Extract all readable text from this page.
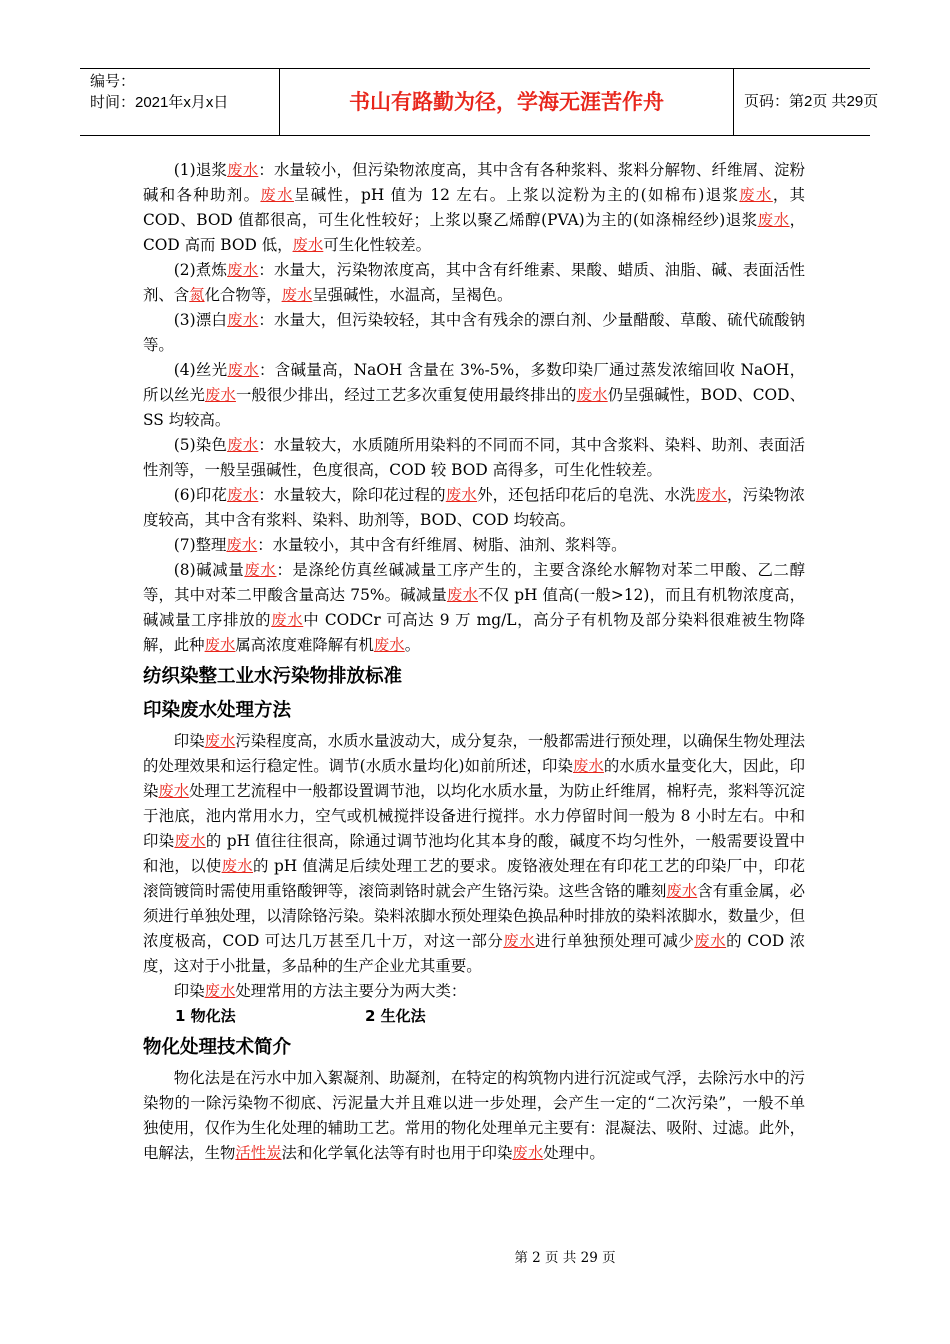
编号：
时间：2021年x月x日	书山有路勤为径，学海无涯苦作舟	页码：第2页 共29页

(1)退浆废水：水量较小，但污染物浓度高，其中含有各种浆料、浆料分解物、纤维屑、淀粉碱和各种助剂。废水呈碱性，pH 值为 12 左右。上浆以淀粉为主的(如棉布)退浆废水，其 COD、BOD 值都很高，可生化性较好；上浆以聚乙烯醇(PVA)为主的(如涤棉经纱)退浆废水，COD 高而 BOD 低，废水可生化性较差。

(2)煮炼废水：水量大，污染物浓度高，其中含有纤维素、果酸、蜡质、油脂、碱、表面活性剂、含氮化合物等，废水呈强碱性，水温高，呈褐色。

(3)漂白废水：水量大，但污染较轻，其中含有残余的漂白剂、少量醋酸、草酸、硫代硫酸钠等。

(4)丝光废水：含碱量高，NaOH 含量在 3%-5%，多数印染厂通过蒸发浓缩回收 NaOH，所以丝光废水一般很少排出，经过工艺多次重复使用最终排出的废水仍呈强碱性，BOD、COD、SS 均较高。

(5)染色废水：水量较大，水质随所用染料的不同而不同，其中含浆料、染料、助剂、表面活性剂等，一般呈强碱性，色度很高，COD 较 BOD 高得多，可生化性较差。

(6)印花废水：水量较大，除印花过程的废水外，还包括印花后的皂洗、水洗废水，污染物浓度较高，其中含有浆料、染料、助剂等，BOD、COD 均较高。

(7)整理废水：水量较小，其中含有纤维屑、树脂、油剂、浆料等。

(8)碱减量废水：是涤纶仿真丝碱减量工序产生的，主要含涤纶水解物对苯二甲酸、乙二醇等，其中对苯二甲酸含量高达 75%。碱减量废水不仅 pH 值高(一般>12)，而且有机物浓度高，碱减量工序排放的废水中 CODCr 可高达 9 万 mg/L，高分子有机物及部分染料很难被生物降解，此种废水属高浓度难降解有机废水。

纺织染整工业水污染物排放标准
印染废水处理方法

印染废水污染程度高，水质水量波动大，成分复杂，一般都需进行预处理，以确保生物处理法的处理效果和运行稳定性。调节(水质水量均化)如前所述，印染废水的水质水量变化大，因此，印染废水处理工艺流程中一般都设置调节池，以均化水质水量，为防止纤维屑，棉籽壳，浆料等沉淀于池底，池内常用水力，空气或机械搅拌设备进行搅拌。水力停留时间一般为 8 小时左右。中和印染废水的 pH 值往往很高，除通过调节池均化其本身的酸，碱度不均匀性外，一般需要设置中和池，以使废水的 pH 值满足后续处理工艺的要求。废铬液处理在有印花工艺的印染厂中，印花滚筒镀筒时需使用重铬酸钾等，滚筒剥铬时就会产生铬污染。这些含铬的雕刻废水含有重金属，必须进行单独处理，以清除铬污染。染料浓脚水预处理染色换品种时排放的染料浓脚水，数量少，但浓度极高，COD 可达几万甚至几十万，对这一部分废水进行单独预处理可减少废水的 COD 浓度，这对于小批量，多品种的生产企业尤其重要。

印染废水处理常用的方法主要分为两大类：

1 物化法	2 生化法
物化处理技术简介

物化法是在污水中加入絮凝剂、助凝剂，在特定的构筑物内进行沉淀或气浮，去除污水中的污染物的一除污染物不彻底、污泥量大并且难以进一步处理，会产生一定的“二次污染”，一般不单独使用，仅作为生化处理的辅助工艺。常用的物化处理单元主要有：混凝法、吸附、过滤。此外，电解法，生物活性炭法和化学氧化法等有时也用于印染废水处理中。

第 2 页 共 29 页
